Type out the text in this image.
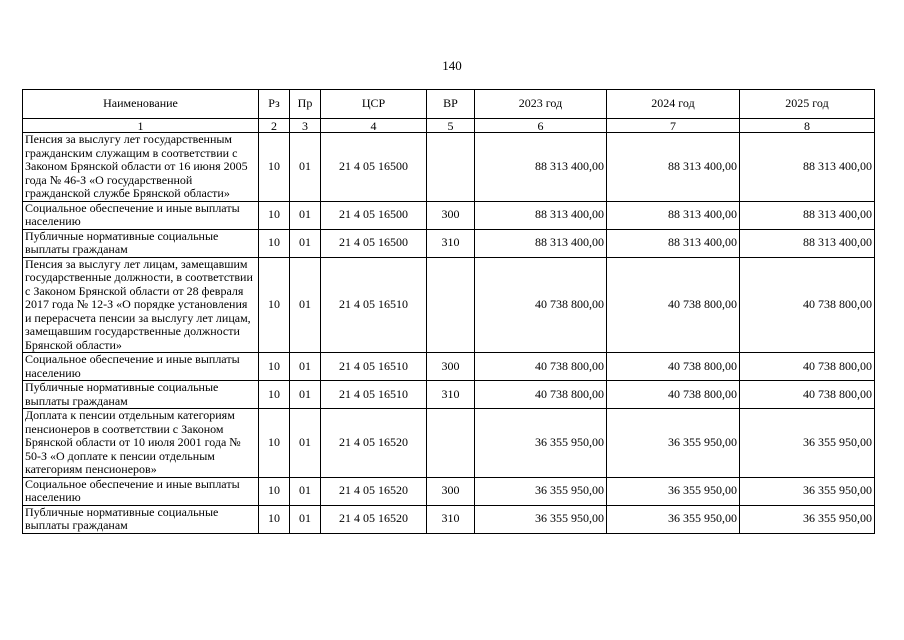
140
Наименование	Рз	Пр	ЦСР	ВР	2023 год	2024 год	2025 год
1	2	3	4	5	6	7	8
Пенсия за выслугу лет государственным гражданским служащим в соответствии с Законом Брянской области от 16 июня 2005 года № 46-З «О государственной гражданской службе Брянской области»	10	01	21 4 05 16500		88 313 400,00	88 313 400,00	88 313 400,00
Социальное обеспечение и иные выплаты населению	10	01	21 4 05 16500	300	88 313 400,00	88 313 400,00	88 313 400,00
Публичные нормативные социальные выплаты гражданам	10	01	21 4 05 16500	310	88 313 400,00	88 313 400,00	88 313 400,00
Пенсия за выслугу лет лицам, замещавшим государственные должности, в соответствии с Законом Брянской области от 28 февраля 2017 года № 12-З «О порядке установления и перерасчета пенсии за выслугу лет лицам, замещавшим государственные должности Брянской области»	10	01	21 4 05 16510		40 738 800,00	40 738 800,00	40 738 800,00
Социальное обеспечение и иные выплаты населению	10	01	21 4 05 16510	300	40 738 800,00	40 738 800,00	40 738 800,00
Публичные нормативные социальные выплаты гражданам	10	01	21 4 05 16510	310	40 738 800,00	40 738 800,00	40 738 800,00
Доплата к пенсии отдельным категориям пенсионеров в соответствии с Законом Брянской области от 10 июля 2001 года № 50-З «О доплате к пенсии отдельным категориям пенсионеров»	10	01	21 4 05 16520		36 355 950,00	36 355 950,00	36 355 950,00
Социальное обеспечение и иные выплаты населению	10	01	21 4 05 16520	300	36 355 950,00	36 355 950,00	36 355 950,00
Публичные нормативные социальные выплаты гражданам	10	01	21 4 05 16520	310	36 355 950,00	36 355 950,00	36 355 950,00
